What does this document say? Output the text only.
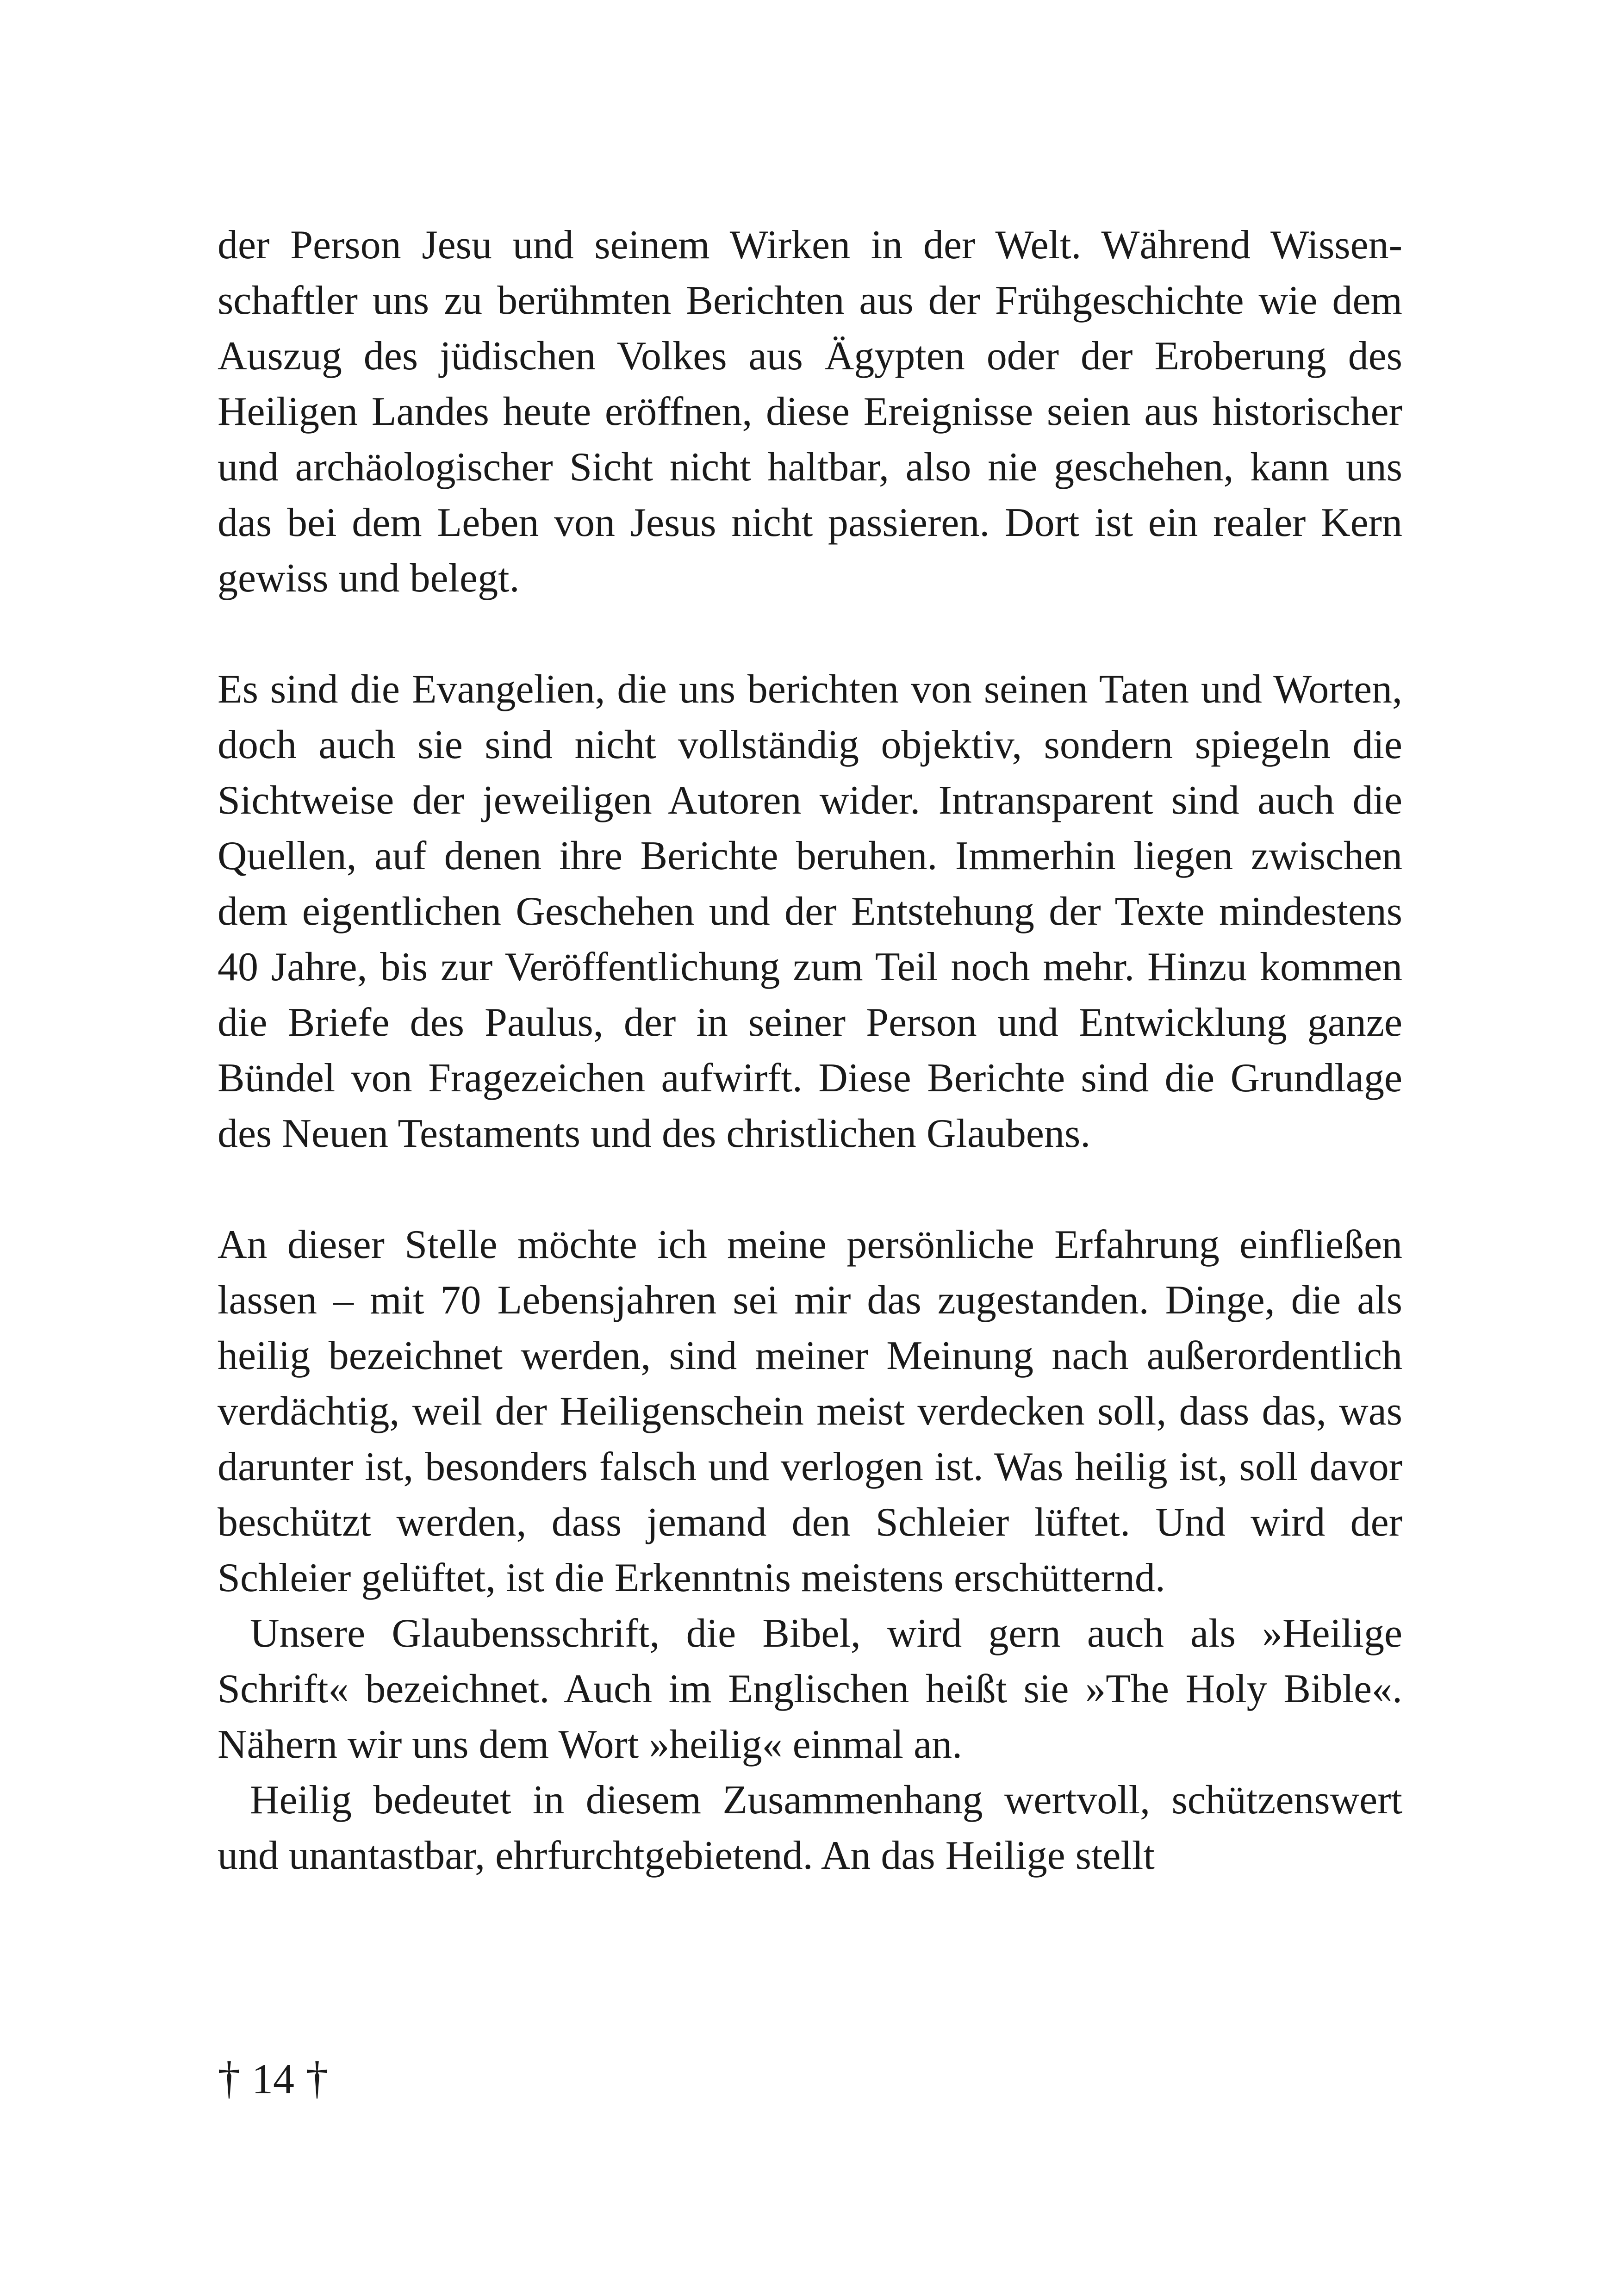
der Person Jesu und seinem Wirken in der Welt. Während Wissenschaftler uns zu berühmten Berichten aus der Frühgeschichte wie dem Auszug des jüdischen Volkes aus Ägypten oder der Eroberung des Heiligen Landes heute eröffnen, diese Ereignisse seien aus historischer und archäologischer Sicht nicht haltbar, also nie geschehen, kann uns das bei dem Leben von Jesus nicht passieren. Dort ist ein realer Kern gewiss und belegt.

Es sind die Evangelien, die uns berichten von seinen Taten und Worten, doch auch sie sind nicht vollständig objektiv, sondern spiegeln die Sichtweise der jeweiligen Autoren wider. Intransparent sind auch die Quellen, auf denen ihre Berichte beruhen. Immerhin liegen zwischen dem eigentlichen Geschehen und der Entstehung der Texte mindestens 40 Jahre, bis zur Veröffentlichung zum Teil noch mehr. Hinzu kommen die Briefe des Paulus, der in seiner Person und Entwicklung ganze Bündel von Fragezeichen aufwirft. Diese Berichte sind die Grundlage des Neuen Testaments und des christlichen Glaubens.

An dieser Stelle möchte ich meine persönliche Erfahrung einfließen lassen – mit 70 Lebensjahren sei mir das zugestanden. Dinge, die als heilig bezeichnet werden, sind meiner Meinung nach außerordentlich verdächtig, weil der Heiligenschein meist verdecken soll, dass das, was darunter ist, besonders falsch und verlogen ist. Was heilig ist, soll davor beschützt werden, dass jemand den Schleier lüftet. Und wird der Schleier gelüftet, ist die Erkenntnis meistens erschütternd.

Unsere Glaubensschrift, die Bibel, wird gern auch als »Heilige Schrift« bezeichnet. Auch im Englischen heißt sie »The Holy Bible«. Nähern wir uns dem Wort »heilig« einmal an.

Heilig bedeutet in diesem Zusammenhang wertvoll, schützenswert und unantastbar, ehrfurchtgebietend. An das Heilige stellt

† 14 †
